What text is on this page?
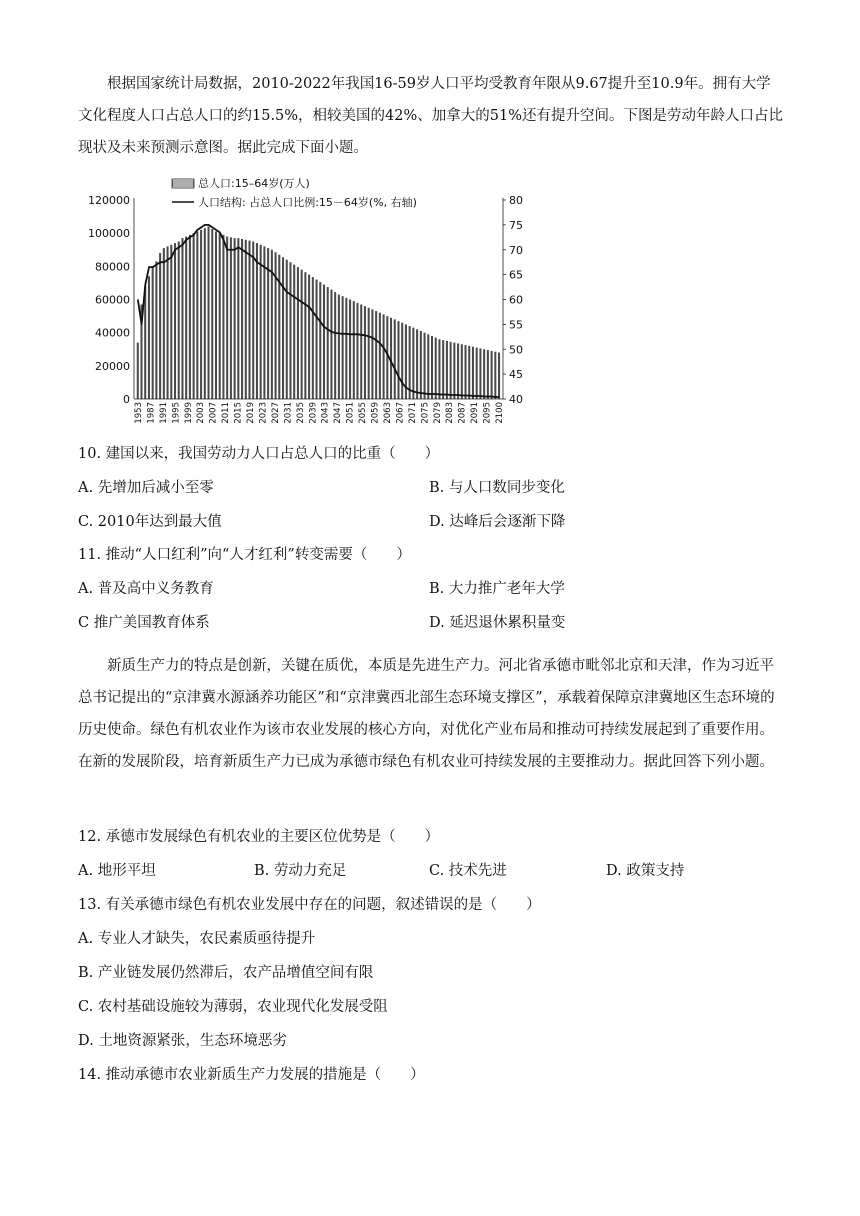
根据国家统计局数据，2010-2022年我国16-59岁人口平均受教育年限从9.67提升至10.9年。拥有大学文化程度人口占总人口的约15.5%，相较美国的42%、加拿大的51%还有提升空间。下图是劳动年龄人口占比现状及未来预测示意图。据此完成下面小题。
总人口:15–64岁(万人)
人口结构: 占总人口比例:15－64岁(%, 右轴)
0
20000
40000
60000
80000
100000
120000
40
45
50
55
60
65
70
75
80
1953 1987 1991 1995 1999 2003 2007 2011 2015 2019 2023 2027 2031 2035 2039 2043 2047 2051 2055 2059 2063 2067 2071 2075 2079 2083 2087 2091 2095 2100
10. 建国以来，我国劳动力人口占总人口的比重（　　）
A. 先增加后减小至零	B. 与人口数同步变化
C. 2010年达到最大值	D. 达峰后会逐渐下降
11. 推动“人口红利”向“人才红利”转变需要（　　）
A. 普及高中义务教育	B. 大力推广老年大学
C 推广美国教育体系	D. 延迟退休累积量变
新质生产力的特点是创新，关键在质优，本质是先进生产力。河北省承德市毗邻北京和天津，作为习近平总书记提出的“京津冀水源涵养功能区”和“京津冀西北部生态环境支撑区”，承载着保障京津冀地区生态环境的历史使命。绿色有机农业作为该市农业发展的核心方向，对优化产业布局和推动可持续发展起到了重要作用。在新的发展阶段，培育新质生产力已成为承德市绿色有机农业可持续发展的主要推动力。据此回答下列小题。
12. 承德市发展绿色有机农业的主要区位优势是（　　）
A. 地形平坦	B. 劳动力充足	C. 技术先进	D. 政策支持
13. 有关承德市绿色有机农业发展中存在的问题，叙述错误的是（　　）
A. 专业人才缺失，农民素质亟待提升
B. 产业链发展仍然滞后，农产品增值空间有限
C. 农村基础设施较为薄弱，农业现代化发展受阻
D. 土地资源紧张，生态环境恶劣
14. 推动承德市农业新质生产力发展的措施是（　　）
